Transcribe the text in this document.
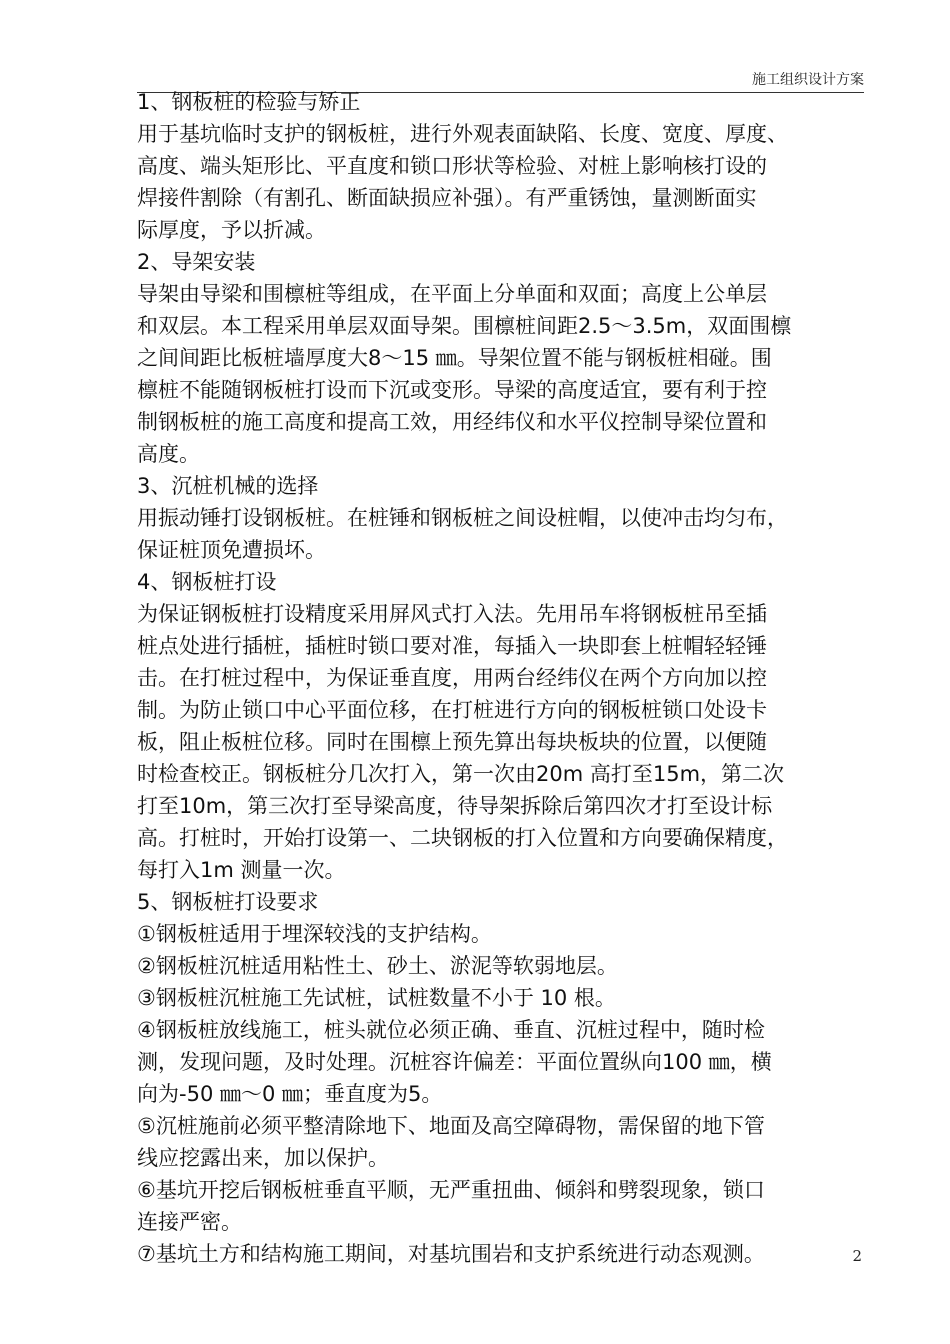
施工组织设计方案
1、钢板桩的检验与矫正
用于基坑临时支护的钢板桩，进行外观表面缺陷、长度、宽度、厚度、
高度、端头矩形比、平直度和锁口形状等检验、对桩上影响核打设的
焊接件割除（有割孔、断面缺损应补强）。有严重锈蚀，量测断面实
际厚度，予以折减。
2、导架安装
导架由导梁和围檩桩等组成，在平面上分单面和双面；高度上公单层
和双层。本工程采用单层双面导架。围檩桩间距2.5～3.5m，双面围檩
之间间距比板桩墙厚度大8～15 ㎜。导架位置不能与钢板桩相碰。围
檩桩不能随钢板桩打设而下沉或变形。导梁的高度适宜，要有利于控
制钢板桩的施工高度和提高工效，用经纬仪和水平仪控制导梁位置和
高度。
3、沉桩机械的选择
用振动锤打设钢板桩。在桩锤和钢板桩之间设桩帽，以使冲击均匀布，
保证桩顶免遭损坏。
4、钢板桩打设
为保证钢板桩打设精度采用屏风式打入法。先用吊车将钢板桩吊至插
桩点处进行插桩，插桩时锁口要对准，每插入一块即套上桩帽轻轻锤
击。在打桩过程中，为保证垂直度，用两台经纬仪在两个方向加以控
制。为防止锁口中心平面位移，在打桩进行方向的钢板桩锁口处设卡
板，阻止板桩位移。同时在围檩上预先算出每块板块的位置，以便随
时检查校正。钢板桩分几次打入，第一次由20m 高打至15m，第二次
打至10m，第三次打至导梁高度，待导架拆除后第四次才打至设计标
高。打桩时，开始打设第一、二块钢板的打入位置和方向要确保精度，
每打入1m 测量一次。
5、钢板桩打设要求
①钢板桩适用于埋深较浅的支护结构。
②钢板桩沉桩适用粘性土、砂土、淤泥等软弱地层。
③钢板桩沉桩施工先试桩，试桩数量不小于 10 根。
④钢板桩放线施工，桩头就位必须正确、垂直、沉桩过程中，随时检
测，发现问题，及时处理。沉桩容许偏差：平面位置纵向100 ㎜，横
向为-50 ㎜～0 ㎜；垂直度为5。
⑤沉桩施前必须平整清除地下、地面及高空障碍物，需保留的地下管
线应挖露出来，加以保护。
⑥基坑开挖后钢板桩垂直平顺，无严重扭曲、倾斜和劈裂现象，锁口
连接严密。
⑦基坑土方和结构施工期间，对基坑围岩和支护系统进行动态观测。	2
